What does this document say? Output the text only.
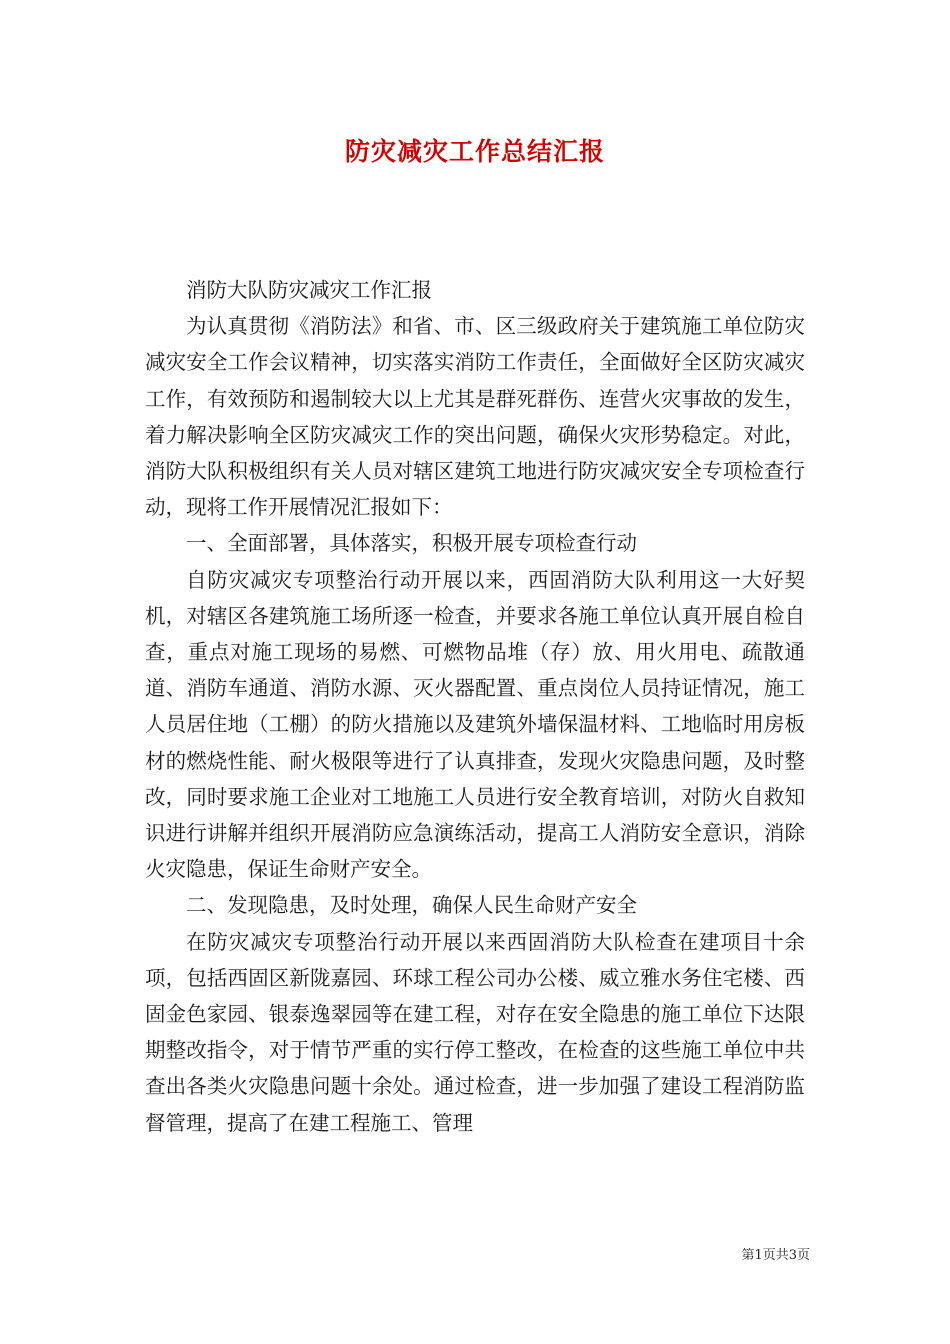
防灾减灾工作总结汇报

消防大队防灾减灾工作汇报

为认真贯彻《消防法》和省、市、区三级政府关于建筑施工单位防灾减灾安全工作会议精神，切实落实消防工作责任，全面做好全区防灾减灾工作，有效预防和遏制较大以上尤其是群死群伤、连营火灾事故的发生，着力解决影响全区防灾减灾工作的突出问题，确保火灾形势稳定。对此，消防大队积极组织有关人员对辖区建筑工地进行防灾减灾安全专项检查行动，现将工作开展情况汇报如下：

一、全面部署，具体落实，积极开展专项检查行动

自防灾减灾专项整治行动开展以来，西固消防大队利用这一大好契机，对辖区各建筑施工场所逐一检查，并要求各施工单位认真开展自检自查，重点对施工现场的易燃、可燃物品堆（存）放、用火用电、疏散通道、消防车通道、消防水源、灭火器配置、重点岗位人员持证情况，施工人员居住地（工棚）的防火措施以及建筑外墙保温材料、工地临时用房板材的燃烧性能、耐火极限等进行了认真排查，发现火灾隐患问题，及时整改，同时要求施工企业对工地施工人员进行安全教育培训，对防火自救知识进行讲解并组织开展消防应急演练活动，提高工人消防安全意识，消除火灾隐患，保证生命财产安全。

二、发现隐患，及时处理，确保人民生命财产安全

在防灾减灾专项整治行动开展以来西固消防大队检查在建项目十余项，包括西固区新陇嘉园、环球工程公司办公楼、威立雅水务住宅楼、西固金色家园、银泰逸翠园等在建工程，对存在安全隐患的施工单位下达限期整改指令，对于情节严重的实行停工整改，在检查的这些施工单位中共查出各类火灾隐患问题十余处。通过检查，进一步加强了建设工程消防监督管理，提高了在建工程施工、管理

第1页共3页
